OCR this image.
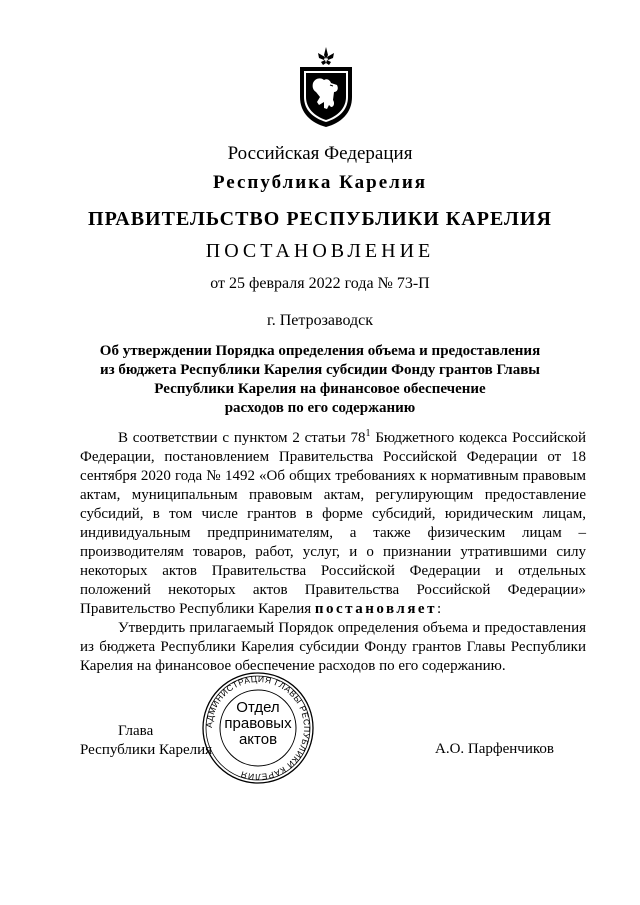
Российская Федерация
Республика Карелия
ПРАВИТЕЛЬСТВО РЕСПУБЛИКИ КАРЕЛИЯ
ПОСТАНОВЛЕНИЕ
от 25 февраля 2022 года № 73-П
г. Петрозаводск
Об утверждении Порядка определения объема и предоставления
из бюджета Республики Карелия субсидии Фонду грантов Главы
Республики Карелия на финансовое обеспечение
расходов по его содержанию

В соответствии с пунктом 2 статьи $78^1$ Бюджетного кодекса Российской Федерации, постановлением Правительства Российской Федерации от 18 сентября 2020 года № 1492 «Об общих требованиях к нормативным правовым актам, муниципальным правовым актам, регулирующим предоставление субсидий, в том числе грантов в форме субсидий, юридическим лицам, индивидуальным предпринимателям, а также физическим лицам – производителям товаров, работ, услуг, и о признании утратившими силу некоторых актов Правительства Российской Федерации и отдельных положений некоторых актов Правительства Российской Федерации» Правительство Республики Карелия постановляет:

Утвердить прилагаемый Порядок определения объема и предоставления из бюджета Республики Карелия субсидии Фонду грантов Главы Республики Карелия на финансовое обеспечение расходов по его содержанию.

Глава
Республики Карелия
АДМИНИСТРАЦИЯ ГЛАВЫ РЕСПУБЛИКИ КАРЕЛИЯ
Отдел
правовых
актов
А.О. Парфенчиков
